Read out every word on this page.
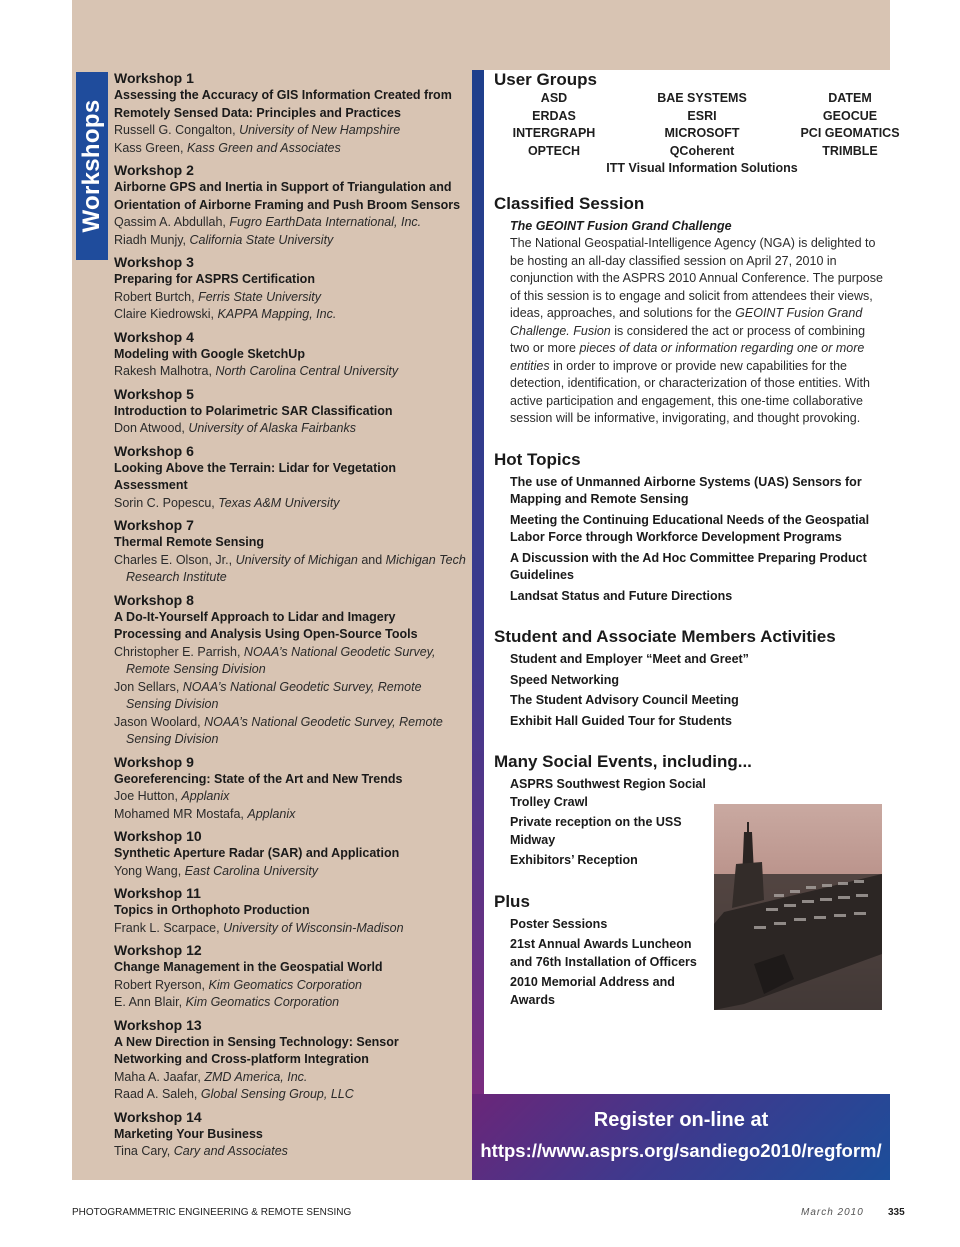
Workshops
Workshop 1
Assessing the Accuracy of GIS Information Created from Remotely Sensed Data: Principles and Practices
Russell G. Congalton, University of New Hampshire
Kass Green, Kass Green and Associates
Workshop 2
Airborne GPS and Inertia in Support of Triangulation and Orientation of Airborne Framing and Push Broom Sensors
Qassim A. Abdullah, Fugro EarthData International, Inc.
Riadh Munjy, California State University
Workshop 3
Preparing for ASPRS Certification
Robert Burtch, Ferris State University
Claire Kiedrowski, KAPPA Mapping, Inc.
Workshop 4
Modeling with Google SketchUp
Rakesh Malhotra, North Carolina Central University
Workshop 5
Introduction to Polarimetric SAR Classification
Don Atwood, University of Alaska Fairbanks
Workshop 6
Looking Above the Terrain: Lidar for Vegetation Assessment
Sorin C. Popescu, Texas A&M University
Workshop 7
Thermal Remote Sensing
Charles E. Olson, Jr., University of Michigan and Michigan Tech Research Institute
Workshop 8
A Do-It-Yourself Approach to Lidar and Imagery Processing and Analysis Using Open-Source Tools
Christopher E. Parrish, NOAA’s National Geodetic Survey, Remote Sensing Division
Jon Sellars, NOAA’s National Geodetic Survey, Remote Sensing Division
Jason Woolard, NOAA’s National Geodetic Survey, Remote Sensing Division
Workshop 9
Georeferencing: State of the Art and New Trends
Joe Hutton, Applanix
Mohamed MR Mostafa, Applanix
Workshop 10
Synthetic Aperture Radar (SAR) and Application
Yong Wang, East Carolina University
Workshop 11
Topics in Orthophoto Production
Frank L. Scarpace, University of Wisconsin-Madison
Workshop 12
Change Management in the Geospatial World
Robert Ryerson, Kim Geomatics Corporation
E. Ann Blair, Kim Geomatics Corporation
Workshop 13
A New Direction in Sensing Technology: Sensor Networking and Cross-platform Integration
Maha A. Jaafar, ZMD America, Inc.
Raad A. Saleh, Global Sensing Group, LLC
Workshop 14
Marketing Your Business
Tina Cary, Cary and Associates
User Groups
ASD	BAE SYSTEMS	DATEM
ERDAS	ESRI	GEOCUE
INTERGRAPH	MICROSOFT	PCI GEOMATICS
OPTECH	QCoherent	TRIMBLE
ITT Visual Information Solutions
Classified Session
The GEOINT Fusion Grand Challenge
The National Geospatial-Intelligence Agency (NGA) is delighted to be hosting an all-day classified session on April 27, 2010 in conjunction with the ASPRS 2010 Annual Conference. The purpose of this session is to engage and solicit from attendees their views, ideas, approaches, and solutions for the GEOINT Fusion Grand Challenge. Fusion is considered the act or process of combining two or more pieces of data or information regarding one or more entities in order to improve or provide new capabilities for the detection, identification, or characterization of those entities. With active participation and engagement, this one-time collaborative session will be informative, invigorating, and thought provoking.
Hot Topics
The use of Unmanned Airborne Systems (UAS) Sensors for Mapping and Remote Sensing
Meeting the Continuing Educational Needs of the Geospatial Labor Force through Workforce Development Programs
A Discussion with the Ad Hoc Committee Preparing Product Guidelines
Landsat Status and Future Directions
Student and Associate Members Activities
Student and Employer “Meet and Greet”
Speed Networking
The Student Advisory Council Meeting
Exhibit Hall Guided Tour for Students
Many Social Events, including...
ASPRS Southwest Region Social Trolley Crawl
Private reception on the USS Midway
Exhibitors’ Reception
Plus
Poster Sessions
21st Annual Awards Luncheon and 76th Installation of Officers
2010 Memorial Address and Awards
Register on-line at
https://www.asprs.org/sandiego2010/regform/
PHOTOGRAMMETRIC ENGINEERING & REMOTE SENSING	March 2010 335
